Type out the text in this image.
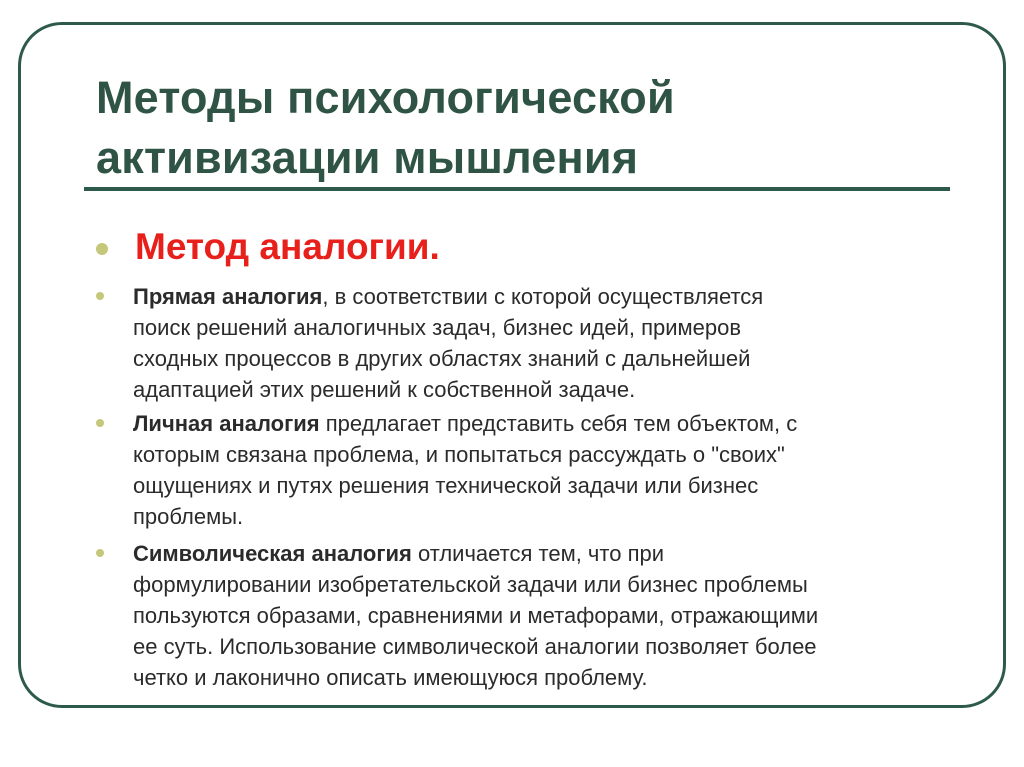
Методы психологической
активизации мышления
Метод аналогии.
Прямая аналогия, в соответствии с которой осуществляется
поиск решений аналогичных задач, бизнес идей, примеров
сходных процессов в других областях знаний с дальнейшей
адаптацией этих решений к собственной задаче.
Личная аналогия предлагает представить себя тем объектом, с
которым связана проблема, и попытаться рассуждать о "своих"
ощущениях и путях решения технической задачи или бизнес
проблемы.
Символическая аналогия отличается тем, что при
формулировании изобретательской задачи или бизнес проблемы
пользуются образами, сравнениями и метафорами, отражающими
ее суть. Использование символической аналогии позволяет более
четко и лаконично описать имеющуюся проблему.
